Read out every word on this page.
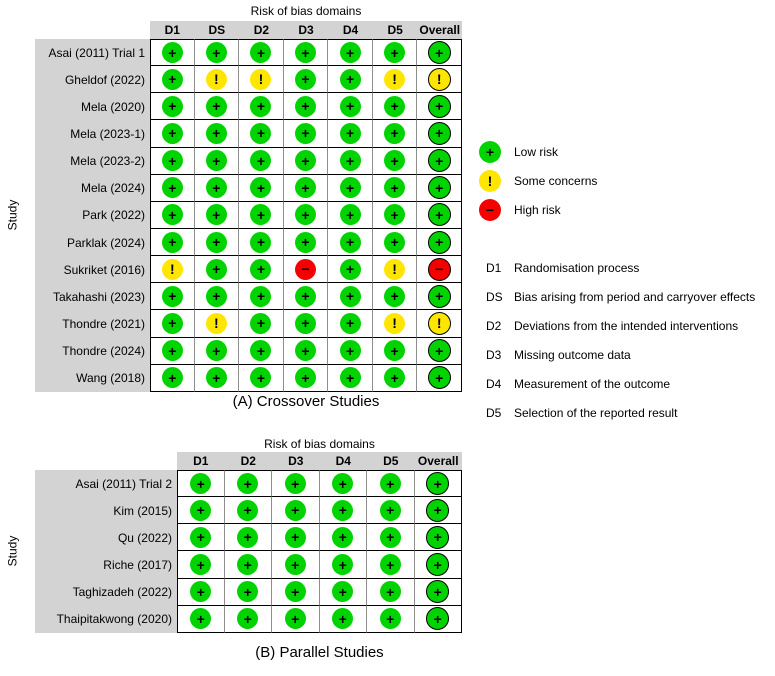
Risk of bias domains
D1	DS	D2	D3	D4	D5	Overall
Asai (2011) Trial 1	+	+	+	+	+	+	+
Gheldof (2022)	+	!	!	+	+	!	!
Mela (2020)	+	+	+	+	+	+	+
Mela (2023-1)	+	+	+	+	+	+	+
Mela (2023-2)	+	+	+	+	+	+	+
Mela (2024)	+	+	+	+	+	+	+
Park (2022)	+	+	+	+	+	+	+
Parklak (2024)	+	+	+	+	+	+	+
Sukriket (2016)	!	+	+	−	+	!	−
Takahashi (2023)	+	+	+	+	+	+	+
Thondre (2021)	+	!	+	+	+	!	!
Thondre (2024)	+	+	+	+	+	+	+
Wang (2018)	+	+	+	+	+	+	+
Study
(A) Crossover Studies
+	Low risk
!	Some concerns
−	High risk
D1	Randomisation process
DS Bias arising from period and carryover effects
D2	Deviations from the intended interventions
D3	Missing outcome data
D4	Measurement of the outcome
D5	Selection of the reported result
Risk of bias domains
D1	D2	D3	D4	D5	Overall
Asai (2011) Trial 2	+	+	+	+	+	+
Kim (2015)	+	+	+	+	+	+
Qu (2022)	+	+	+	+	+	+
Riche (2017)	+	+	+	+	+	+
Taghizadeh (2022)	+	+	+	+	+	+
Thaipitakwong (2020)	+	+	+	+	+	+
Study
(B) Parallel Studies
